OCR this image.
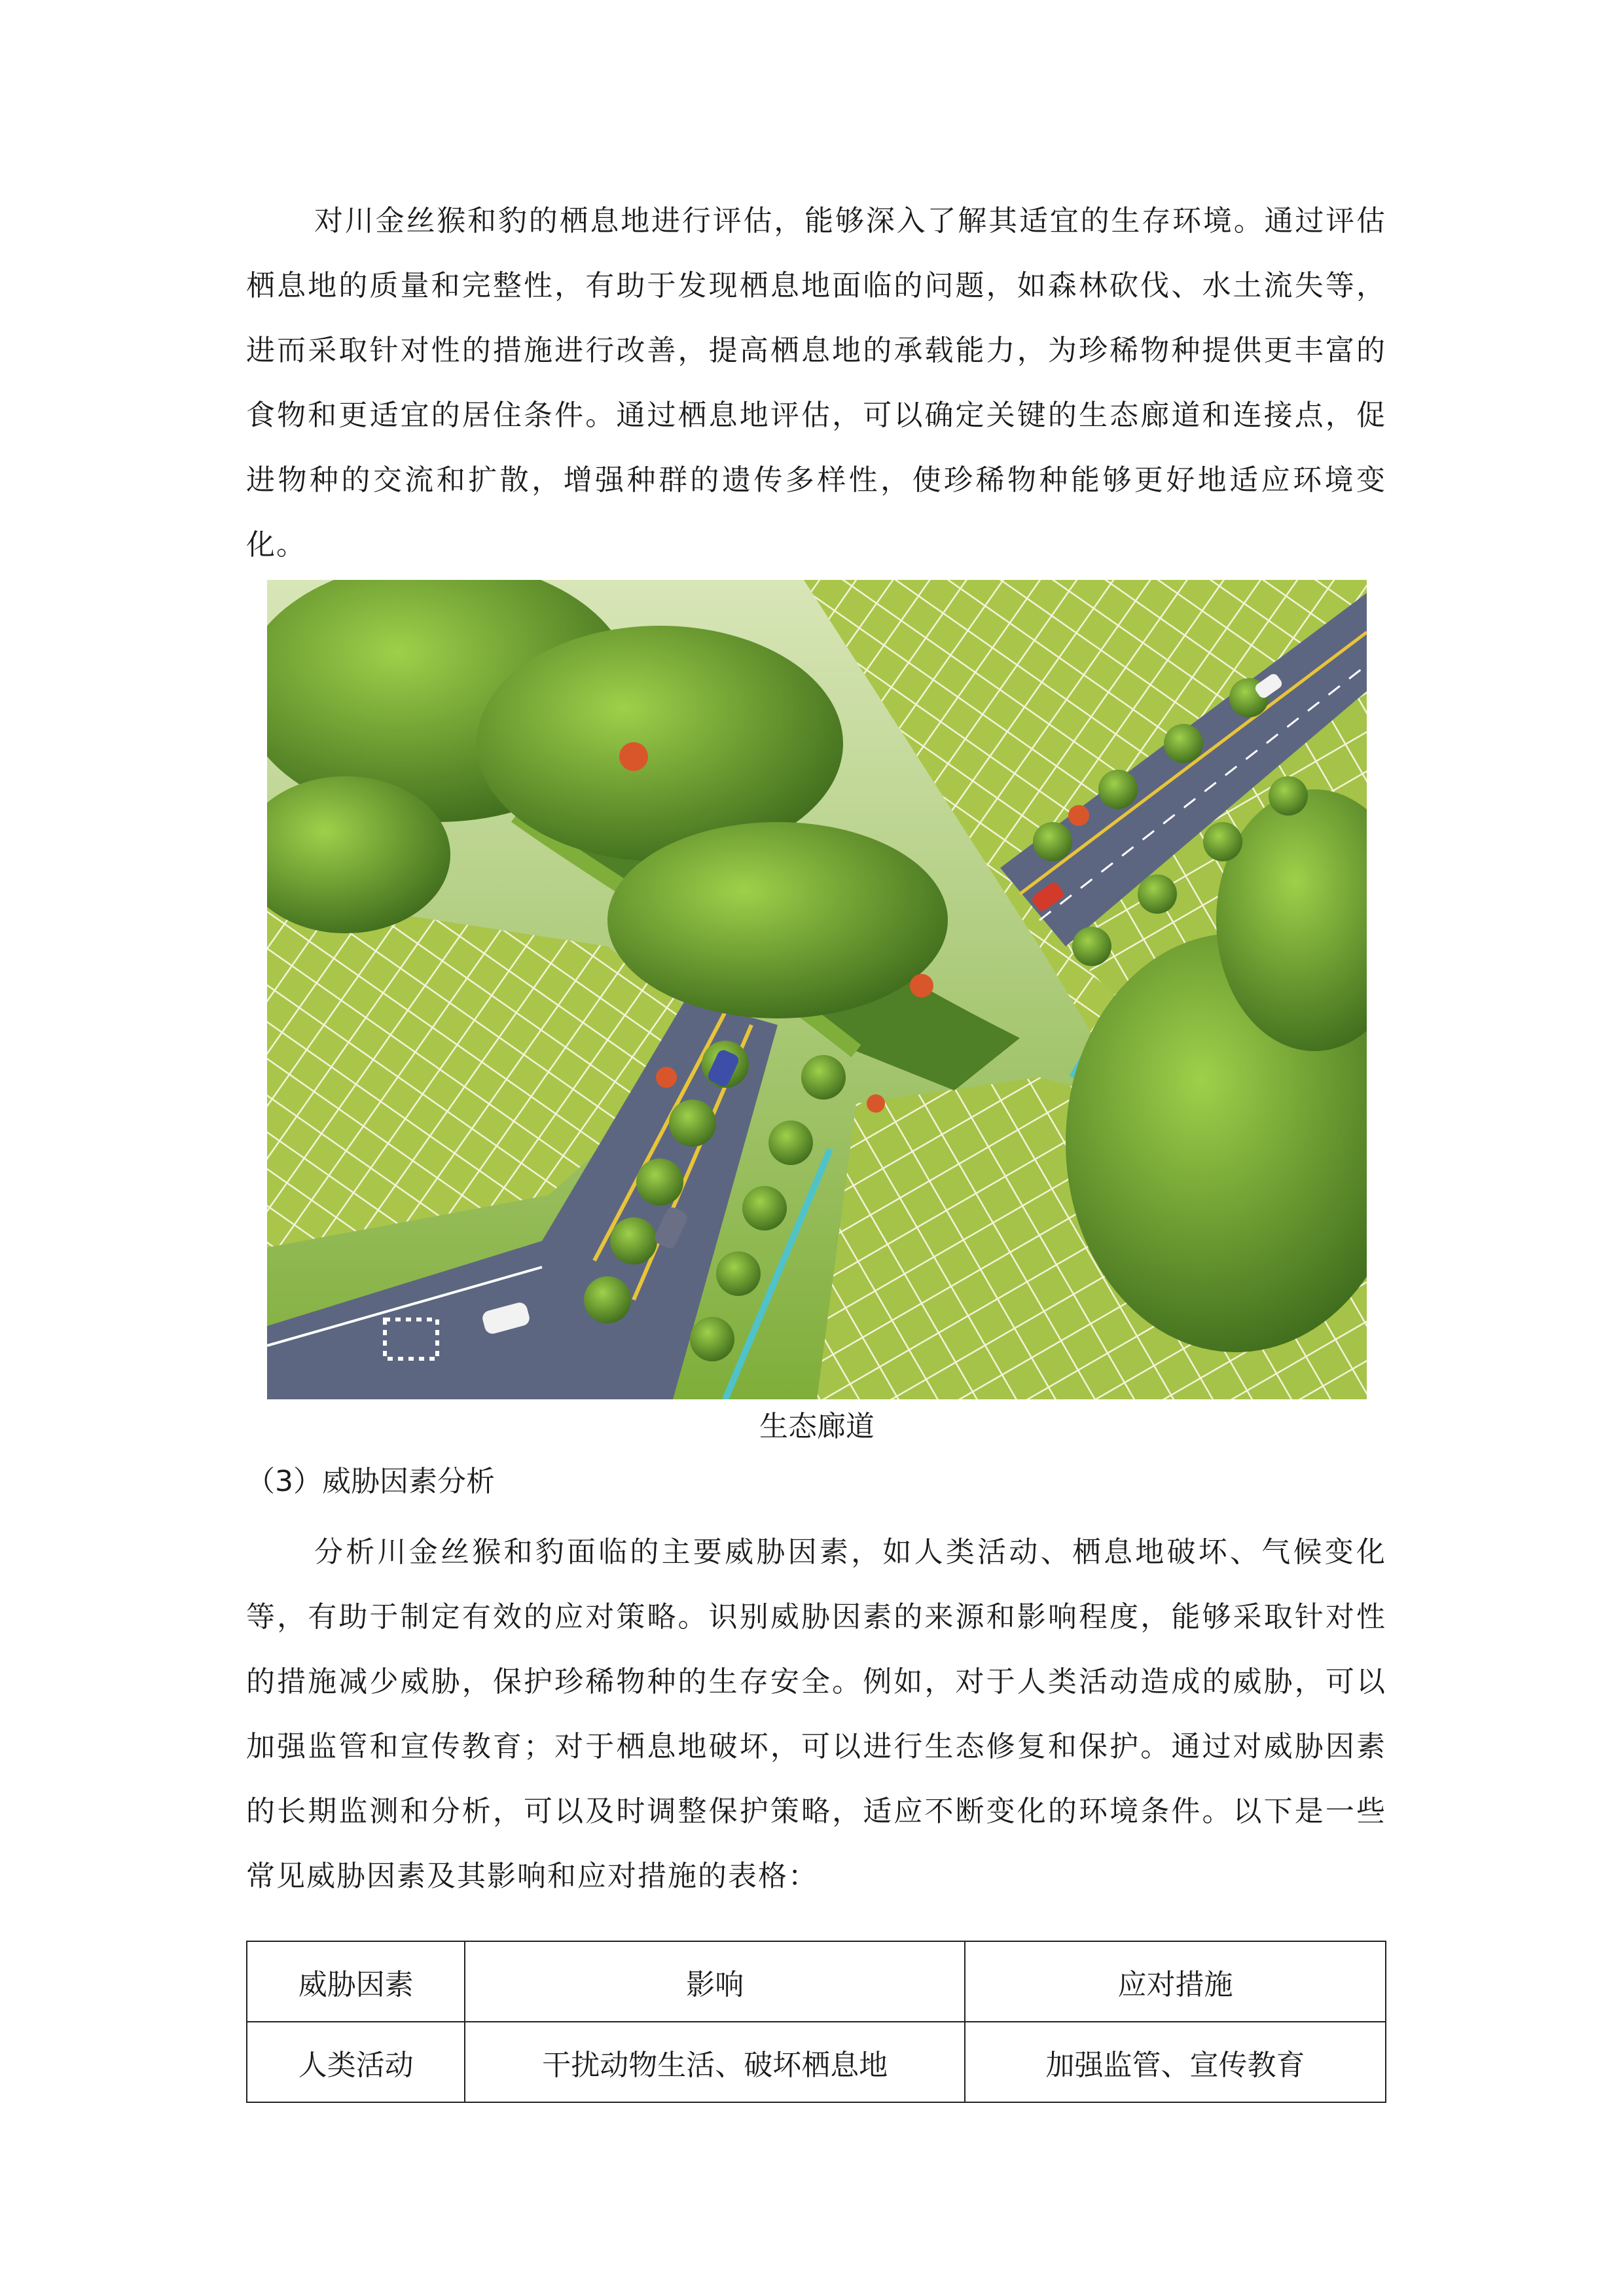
对川金丝猴和豹的栖息地进行评估，能够深入了解其适宜的生存环境。通过评估栖息地的质量和完整性，有助于发现栖息地面临的问题，如森林砍伐、水土流失等，进而采取针对性的措施进行改善，提高栖息地的承载能力，为珍稀物种提供更丰富的食物和更适宜的居住条件。通过栖息地评估，可以确定关键的生态廊道和连接点，促进物种的交流和扩散，增强种群的遗传多样性，使珍稀物种能够更好地适应环境变化。

生态廊道
（3）威胁因素分析

分析川金丝猴和豹面临的主要威胁因素，如人类活动、栖息地破坏、气候变化等，有助于制定有效的应对策略。识别威胁因素的来源和影响程度，能够采取针对性的措施减少威胁，保护珍稀物种的生存安全。例如，对于人类活动造成的威胁，可以加强监管和宣传教育；对于栖息地破坏，可以进行生态修复和保护。通过对威胁因素的长期监测和分析，可以及时调整保护策略，适应不断变化的环境条件。以下是一些常见威胁因素及其影响和应对措施的表格：

威胁因素	影响	应对措施
人类活动	干扰动物生活、破坏栖息地	加强监管、宣传教育
